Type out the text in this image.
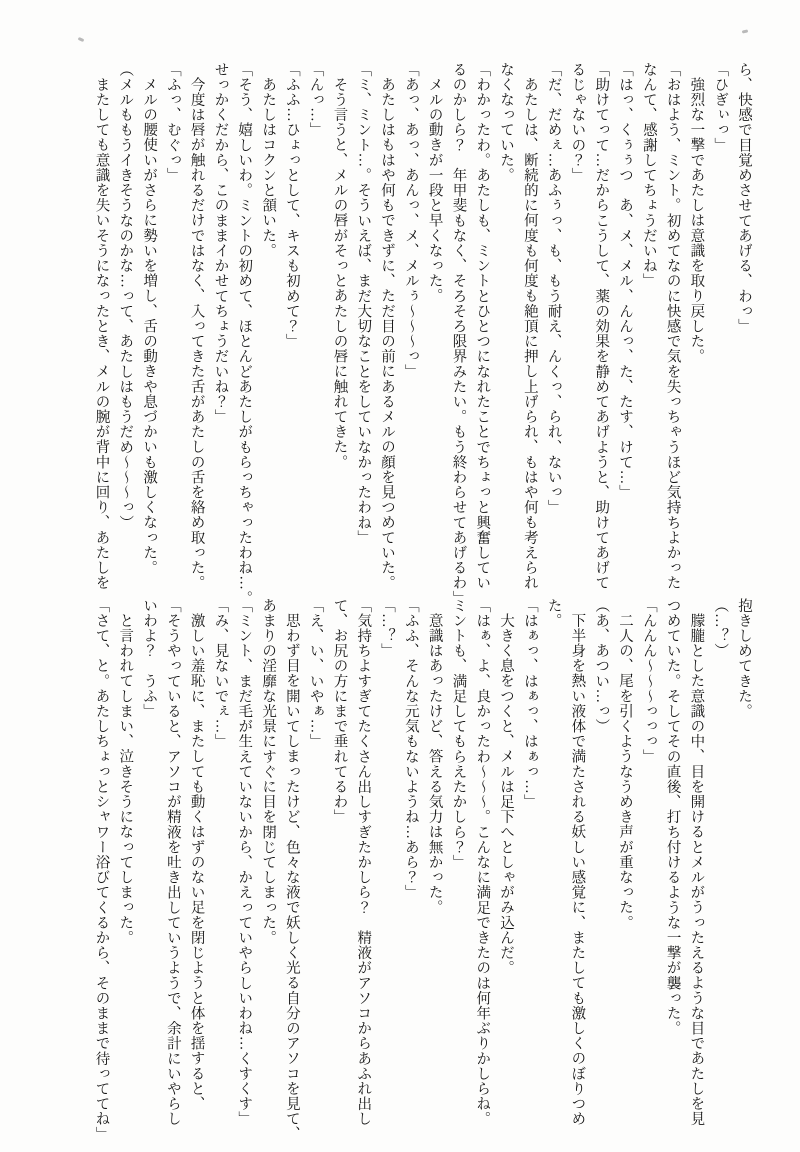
ら、快感で目覚めさせてあげる、わっ」

「ひぎぃっ」

強烈な一撃であたしは意識を取り戻した。

「おはよう、ミント。初めてなのに快感で気を失っちゃうほど気持ちよかった

なんて、感謝してちょうだいね」

「はっ、くぅぅつ　あ、メ、メル、んんっ、た、たす、けて…」

「助けてって…だからこうして、薬の効果を静めてあげようと、助けてあげて

るじゃないの？」

「だ、だめぇ…あふぅっ、も、もう耐え、んくっ、られ、ないっ」

あたしは、断続的に何度も何度も絶頂に押し上げられ、もはや何も考えられ

なくなっていた。

「わかったわ。あたしも、ミントとひとつになれたことでちょっと興奮してい

るのかしら？　年甲斐もなく、そろそろ限界みたい。もう終わらせてあげるわ」

メルの動きが一段と早くなった。

「あっ、あっ、あんっ、メ、メルぅ〜〜〜っ」

あたしはもはや何もできずに、ただ目の前にあるメルの顔を見つめていた。

「ミ、ミント…。そういえば、まだ大切なことをしていなかったわね」

そう言うと、メルの唇がそっとあたしの唇に触れてきた。

「んっ…」

「ふふ…ひょっとして、キスも初めて？」

あたしはコクンと頷いた。

「そう、嬉しいわ。ミントの初めて、ほとんどあたしがもらっちゃったわね…。

せっかくだから、このままイかせてちょうだいね？」

今度は唇が触れるだけではなく、入ってきた舌があたしの舌を絡め取った。

「ふっ、むぐっ」

メルの腰使いがさらに勢いを増し、舌の動きや息づかいも激しくなった。

（メルももうイきそうなのかな…って、あたしはもうだめ〜〜〜っ）

またしても意識を失いそうになったとき、メルの腕が背中に回り、あたしを

抱きしめてきた。

（…？）

朦朧とした意識の中、目を開けるとメルがうったえるような目であたしを見

つめていた。そしてその直後、打ち付けるような一撃が襲った。

「んんん〜〜〜っっっ」

二人の、尾を引くようなうめき声が重なった。

（あ、あつい…っ）

下半身を熱い液体で満たされる妖しい感覚に、またしても激しくのぼりつめ

た。

「はぁっ、はぁっ、はぁっ…」

大きく息をつくと、メルは足下へとしゃがみ込んだ。

「はぁ、よ、良かったわ〜〜〜。こんなに満足できたのは何年ぶりかしらね。

ミントも、満足してもらえたかしら？」

意識はあったけど、答える気力は無かった。

「ふふ、そんな元気もないようね…あら？」

「…？」

「気持ちよすぎてたくさん出しすぎたかしら？　精液がアソコからあふれ出し

て、お尻の方にまで垂れてるわ」

「え、い、いやぁ…」

思わず目を開いてしまったけど、色々な液で妖しく光る自分のアソコを見て、

あまりの淫靡な光景にすぐに目を閉じてしまった。

「ミント、まだ毛が生えていないから、かえっていやらしいわね…くすくす」

「み、見ないでぇ…」

激しい羞恥に、またしても動くはずのない足を閉じようと体を揺すると、

「そうやっていると、アソコが精液を吐き出していうようで、余計にいやらし

いわよ？　うふ」

と言われてしまい、泣きそうになってしまった。

「さて、と。あたしちょっとシャワー浴びてくるから、そのままで待っててね」
